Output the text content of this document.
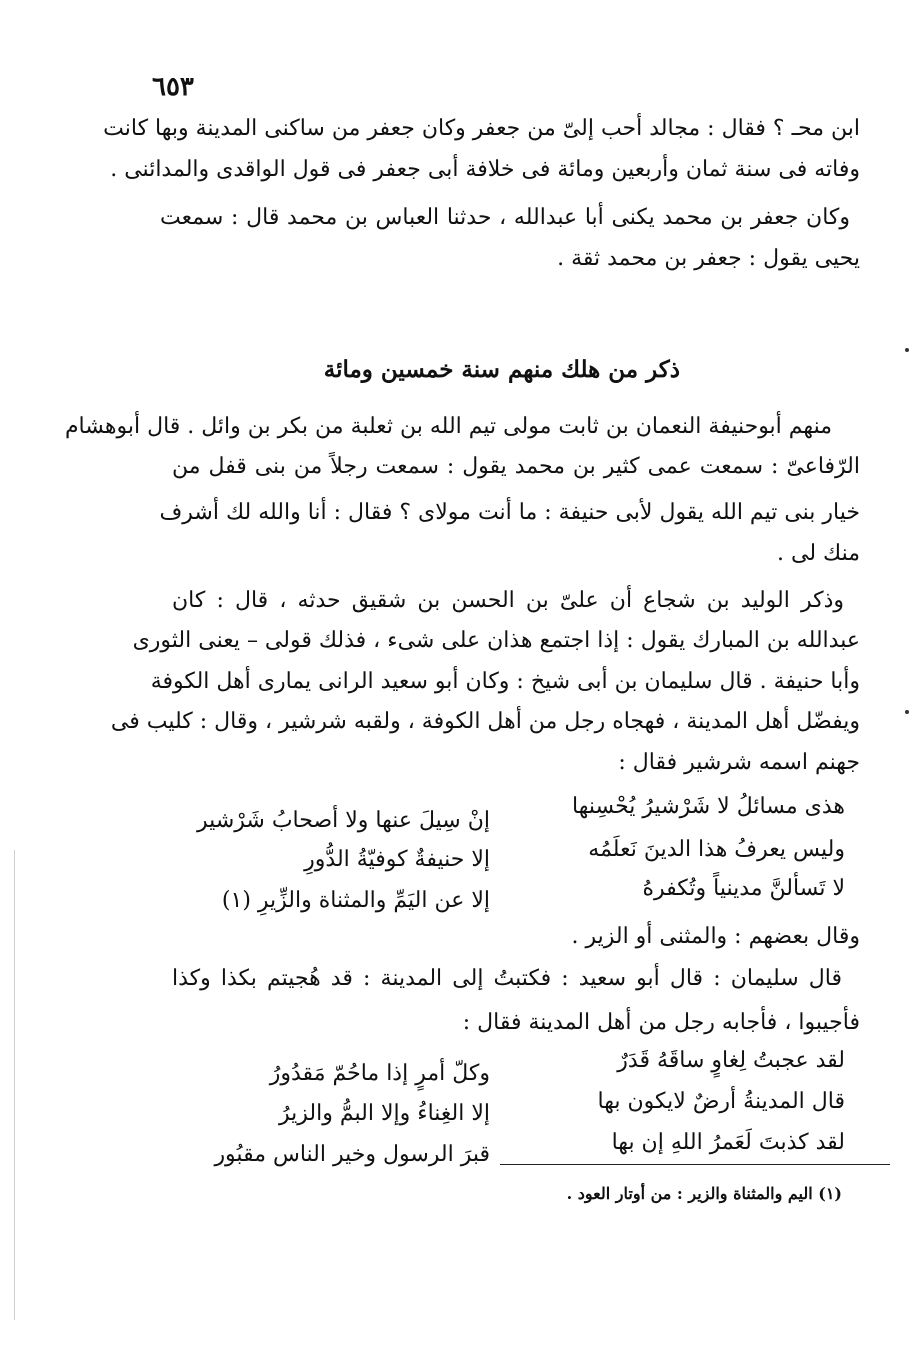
٦٥٣
ابن محـ ؟ فقال : مجالد أحب إلىّ من جعفر وكان جعفر من ساكنى المدينة وبها كانت
وفاته فى سنة ثمان وأربعين ومائة فى خلافة أبى جعفر فى قول الواقدى والمدائنى .
وكان جعفر بن محمد يكنى أبا عبدالله ، حدثنا العباس بن محمد قال : سمعت
يحيى يقول : جعفر بن محمد ثقة .
ذكر من هلك منهم سنة خمسين ومائة
منهم أبوحنيفة النعمان بن ثابت مولى تيم الله بن ثعلبة من بكر بن وائل . قال أبوهشام
الرّفاعىّ : سمعت عمى كثير بن محمد يقول : سمعت رجلاً من بنى قفل من
خيار بنى تيم الله يقول لأبى حنيفة : ما أنت مولاى ؟ فقال : أنا والله لك أشرف
منك لى .
وذكر الوليد بن شجاع أن علىّ بن الحسن بن شقيق حدثه ، قال : كان
عبدالله بن المبارك يقول : إذا اجتمع هذان على شىء ، فذلك قولى – يعنى الثورى
وأبا حنيفة . قال سليمان بن أبى شيخ : وكان أبو سعيد الرانى يمارى أهل الكوفة
ويفضّل أهل المدينة ، فهجاه رجل من أهل الكوفة ، ولقبه شرشير ، وقال : كليب فى
جهنم اسمه شرشير فقال :
هذى مسائلُ لا شَرْشيرُ يُحْسِنها
إنْ سِيلَ عنها ولا أصحابُ شَرْشير
وليس يعرفُ هذا الدينَ نَعلَمُه
إلا حنيفةٌ كوفيّةُ الدُّورِ
لا تَسألنَّ مدينياً وتُكفرهُ
إلا عن اليَمِّ والمثناة والزِّيرِ (١)
وقال بعضهم : والمثنى أو الزير .
قال سليمان : قال أبو سعيد : فكتبتُ إلى المدينة : قد هُجيتم بكذا وكذا
فأجيبوا ، فأجابه رجل من أهل المدينة فقال :
لقد عجبتُ لِغاوٍ ساقَهُ قَدَرٌ
وكلّ أمرٍ إذا ماحُمّ مَقدُورُ
قال المدينةُ أرضٌ لايكون بها
إلا الغِناءُ وإلا البمُّ والزيرُ
لقد كذبتَ لَعَمرُ اللهِ إن بها
قبرَ الرسول وخير الناس مقبُور
(١) اليم والمثناة والزير : من أوتار العود .
